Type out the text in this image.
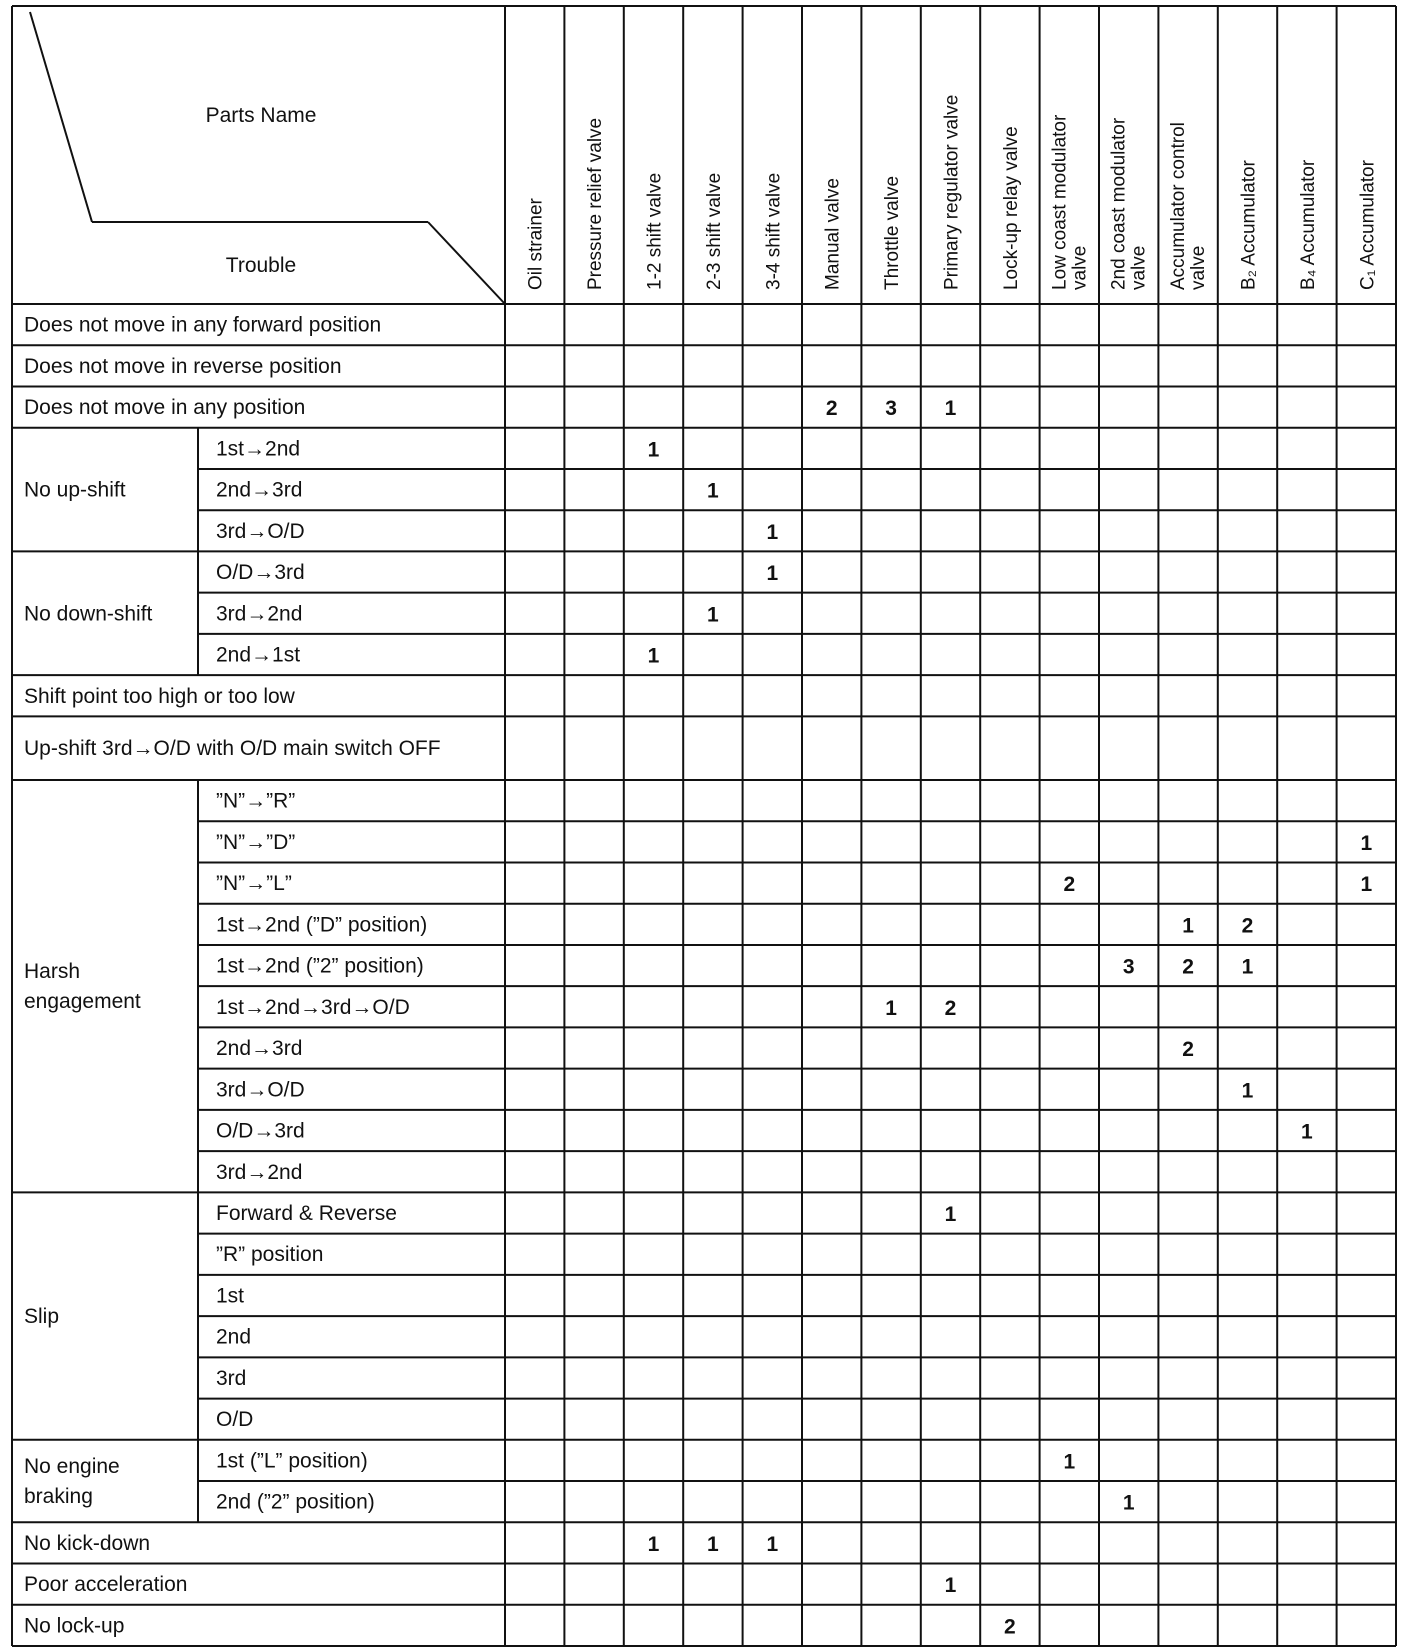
Parts Name
Trouble	Oil strainer Pressure relief valve 1-2 shift valve 2-3 shift valve 3-4 shift valve Manual valve Throttle valve Primary regulator valve Lock-up relay valve Low coast modulator valve 2nd coast modulator valve Accumulator control valve B₂ Accumulator B₄ Accumulator C₁ Accumulator
Does not move in any forward position
Does not move in reverse position
Does not move in any position
1st→2nd
2nd→3rd
3rd→O/D
No up-shift
O/D→3rd
3rd→2nd
2nd→1st
No down-shift
Shift point too high or too low
Up-shift 3rd→O/D with O/D main switch OFF
”N”→”R”
”N”→”D”
”N”→”L”
1st→2nd (”D” position)
1st→2nd (”2” position)
1st→2nd→3rd→O/D
2nd→3rd
3rd→O/D
O/D→3rd
3rd→2nd
Harsh
engagement
Forward & Reverse
”R” position
1st
2nd
3rd
O/D
Slip
1st (”L” position)
2nd (”2” position)
No engine
braking
No kick-down
Poor acceleration
No lock-up
2 3 1
1
1
1
1
1
1
1
2	1
1 2
3 2 1
1 2
2
1
1
1
1
1
1 1 1
1
2
